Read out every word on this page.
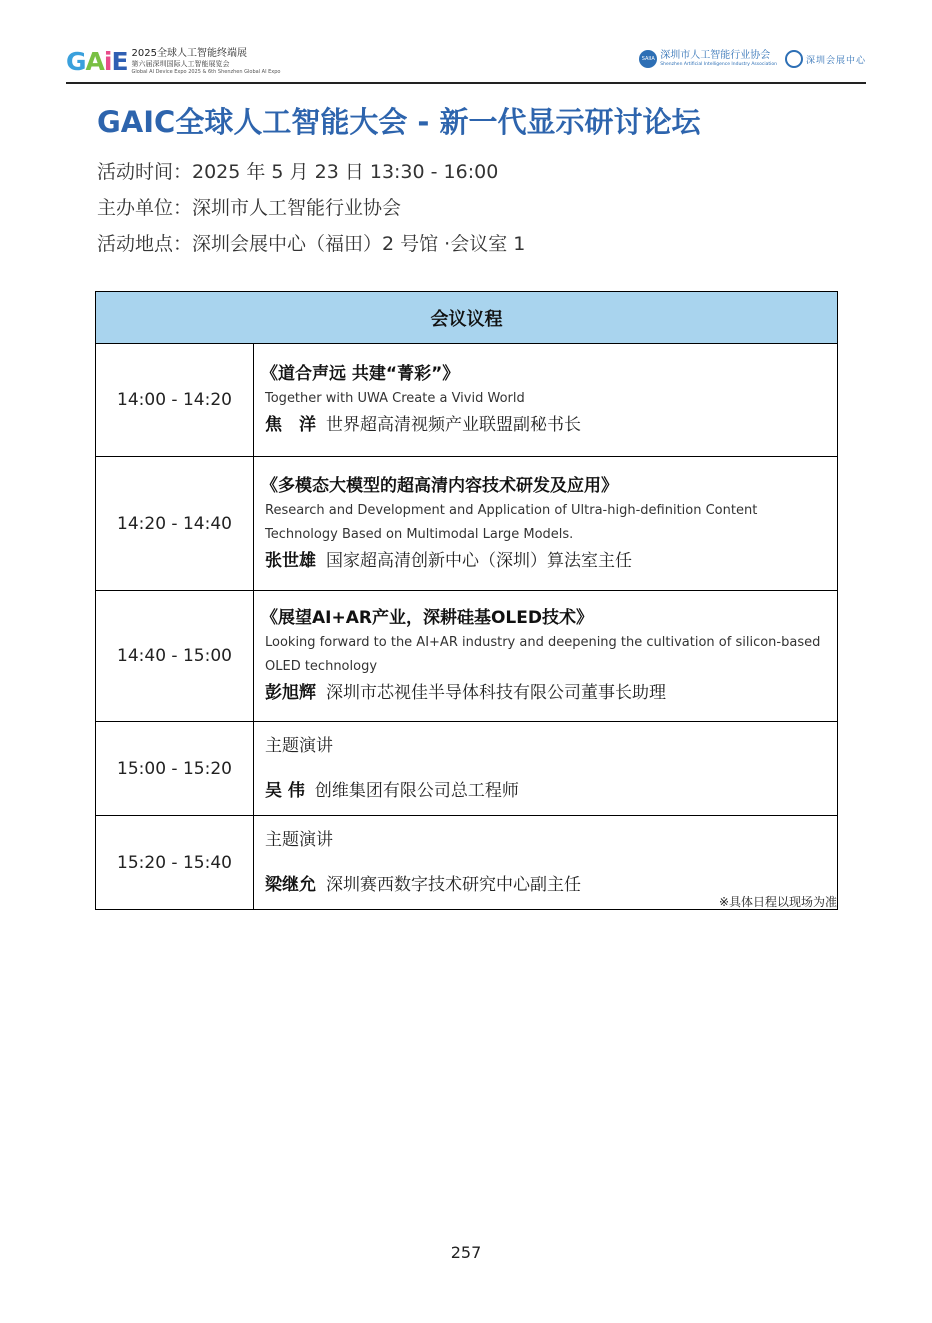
GAiE 2025全球人工智能终端展
第六届深圳国际人工智能展览会
Global AI Device Expo 2025 & 6th Shenzhen Global AI Expo
SAIIA 深圳市人工智能行业协会
Shenzhen Artificial Intelligence Industry Association	深圳会展中心
GAIC全球人工智能大会 - 新一代显示研讨论坛
活动时间：2025 年 5 月 23 日 13:30 - 16:00
主办单位：深圳市人工智能行业协会
活动地点：深圳会展中心（福田）2 号馆 ·会议室 1
会议议程	
14:00 - 14:20	《道合声远 共建“菁彩”》
Together with UWA Create a Vivid World
焦　洋 世界超高清视频产业联盟副秘书长

14:20 - 14:40	《多模态大模型的超高清内容技术研发及应用》
Research and Development and Application of Ultra-high-definition Content Technology Based on Multimodal Large Models.
张世雄 国家超高清创新中心（深圳）算法室主任

14:40 - 15:00	《展望AI+AR产业，深耕硅基OLED技术》
Looking forward to the AI+AR industry and deepening the cultivation of silicon-based OLED technology
彭旭辉 深圳市芯视佳半导体科技有限公司董事长助理

15:00 - 15:20	主题演讲
吴 伟 创维集团有限公司总工程师

15:20 - 15:40	主题演讲
梁继允 深圳赛西数字技术研究中心副主任
※具体日程以现场为准
257
